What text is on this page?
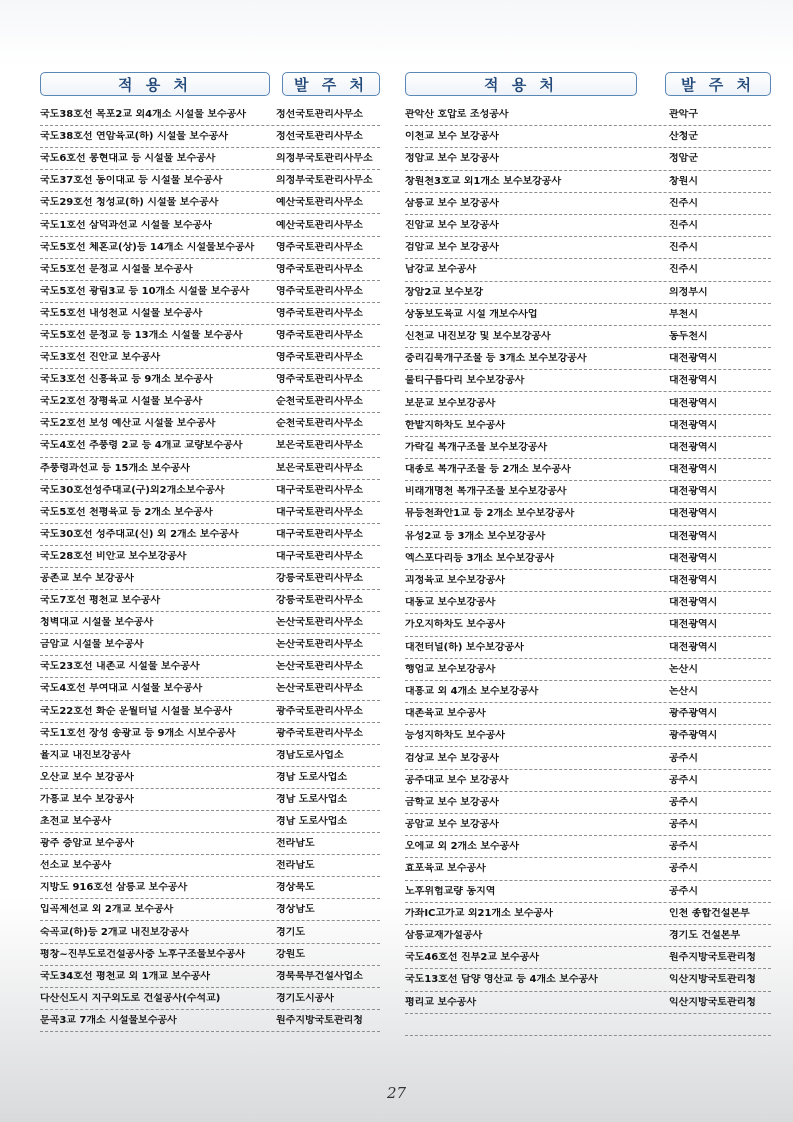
적 용 처	발 주 처
국도38호선 목포2교 외4개소 시설물 보수공사	정선국토관리사무소
국도38호선 연암육교(하) 시설물 보수공사	정선국토관리사무소
국도6호선 봉현대교 등 시설물 보수공사	의정부국토관리사무소
국도37호선 동이대교 등 시설물 보수공사	의정부국토관리사무소
국도29호선 청성교(하) 시설물 보수공사	예산국토관리사무소
국도1호선 삼덕과선교 시설물 보수공사	예산국토관리사무소
국도5호선 체혼교(상)등 14개소 시설물보수공사	영주국토관리사무소
국도5호선 문정교 시설물 보수공사	영주국토관리사무소
국도5호선 광림3교 등 10개소 시설물 보수공사	영주국토관리사무소
국도5호선 내성천교 시설물 보수공사	영주국토관리사무소
국도5호선 문정교 등 13개소 시설물 보수공사	영주국토관리사무소
국도3호선 진안교 보수공사	영주국토관리사무소
국도3호선 신흥육교 등 9개소 보수공사	영주국토관리사무소
국도2호선 장평육교 시설물 보수공사	순천국토관리사무소
국도2호선 보성 예산교 시설물 보수공사	순천국토관리사무소
국도4호선 추풍령 2교 등 4개교 교량보수공사	보은국토관리사무소
추풍령과선교 등 15개소 보수공사	보은국토관리사무소
국도30호선성주대교(구)외2개소보수공사	대구국토관리사무소
국도5호선 천평육교 등 2개소 보수공사	대구국토관리사무소
국도30호선 성주대교(신) 외 2개소 보수공사	대구국토관리사무소
국도28호선 비안교 보수보강공사	대구국토관리사무소
공촌교 보수 보강공사	강릉국토관리사무소
국도7호선 평천교 보수공사	강릉국토관리사무소
청벽대교 시설물 보수공사	논산국토관리사무소
금암교 시설물 보수공사	논산국토관리사무소
국도23호선 내촌교 시설물 보수공사	논산국토관리사무소
국도4호선 부여대교 시설물 보수공사	논산국토관리사무소
국도22호선 화순 운월터널 시설물 보수공사	광주국토관리사무소
국도1호선 장성 송광교 등 9개소 시보수공사	광주국토관리사무소
율지교 내진보강공사	경남도로사업소
오산교 보수 보강공사	경남 도로사업소
가흥교 보수 보강공사	경남 도로사업소
초전교 보수공사	경남 도로사업소
광주 증암교 보수공사	전라남도
선소교 보수공사	전라남도
지방도 916호선 삼릉교 보수공사	경상북도
입곡제선교 외 2개교 보수공사	경상남도
숙곡교(하)등 2개교 내진보강공사	경기도
평창~진부도로건설공사중 노후구조물보수공사	강원도
국도34호선 평천교 외 1개교 보수공사	경북북부건설사업소
다산신도시 지구외도로 건설공사(수석교)	경기도시공사
문곡3교 7개소 시설물보수공사	원주지방국토관리청
적 용 처	발 주 처
관악산 호압로 조성공사	관악구
이천교 보수 보강공사	산청군
정암교 보수 보강공사	정암군
창원천3호교 외1개소 보수보강공사	창원시
삼릉교 보수 보강공사	진주시
진암교 보수 보강공사	진주시
검암교 보수 보강공사	진주시
남강교 보수공사	진주시
장암2교 보수보강	의정부시
상동보도육교 시설 개보수사업	부천시
신천교 내진보강 및 보수보강공사	동두천시
중리김북개구조물 등 3개소 보수보강공사	대전광역시
불티구름다리 보수보강공사	대전광역시
보문교 보수보강공사	대전광역시
한밭지하차도 보수공사	대전광역시
가락길 복개구조물 보수보강공사	대전광역시
대종로 복개구조물 등 2개소 보수공사	대전광역시
비래개명천 복개구조물 보수보강공사	대전광역시
뮤등천좌안1교 등 2개소 보수보강공사	대전광역시
유성2교 등 3개소 보수보강공사	대전광역시
엑스포다리등 3개소 보수보강공사	대전광역시
괴정육교 보수보강공사	대전광역시
대동교 보수보강공사	대전광역시
가오지하차도 보수공사	대전광역시
대전터널(하) 보수보강공사	대전광역시
행엄교 보수보강공사	논산시
대흥교 외 4개소 보수보강공사	논산시
대촌육교 보수공사	광주광역시
능성지하차도 보수공사	광주광역시
검상교 보수 보강공사	공주시
공주대교 보수 보강공사	공주시
금학교 보수 보강공사	공주시
공암교 보수 보강공사	공주시
오에교 외 2개소 보수공사	공주시
효포육교 보수공사	공주시
노후위험교량 동지역	공주시
가좌IC고가교 외21개소 보수공사	인천 종합건설본부
삼릉교재가설공사	경기도 건설본부
국도46호선 진부2교 보수공사	원주지방국토관리청
국도13호선 담양 영산교 등 4개소 보수공사	익산지방국토관리청
평리교 보수공사	익산지방국토관리청
27
